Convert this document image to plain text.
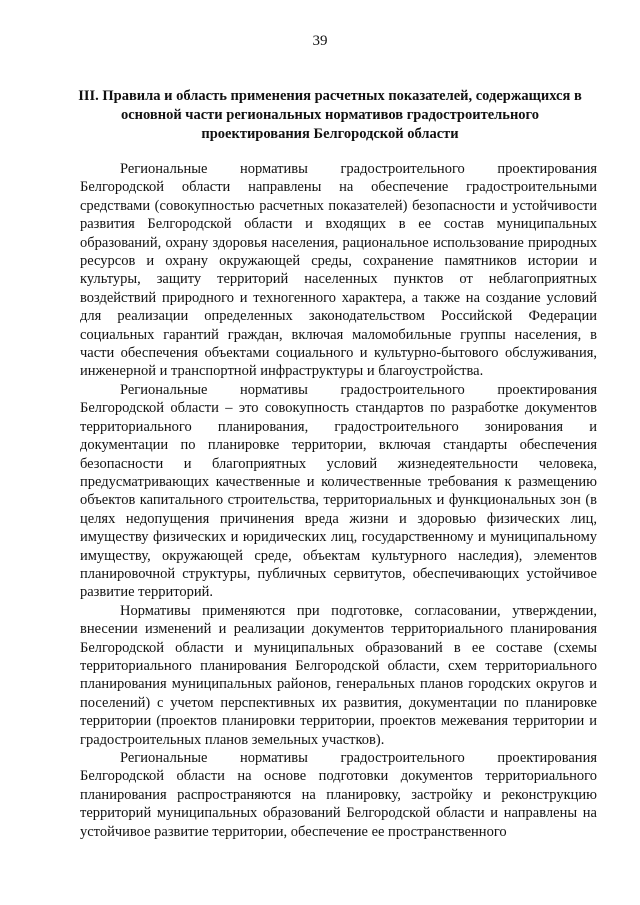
39
III. Правила и область применения расчетных показателей, содержащихся в основной части региональных нормативов градостроительного проектирования Белгородской области

Региональные нормативы градостроительного проектирования Белгородской области направлены на обеспечение градостроительными средствами (совокупностью расчетных показателей) безопасности и устойчивости развития Белгородской области и входящих в ее состав муниципальных образований, охрану здоровья населения, рациональное использование природных ресурсов и охрану окружающей среды, сохранение памятников истории и культуры, защиту территорий населенных пунктов от неблагоприятных воздействий природного и техногенного характера, а также на создание условий для реализации определенных законодательством Российской Федерации социальных гарантий граждан, включая маломобильные группы населения, в части обеспечения объектами социального и культурно-бытового обслуживания, инженерной и транспортной инфраструктуры и благоустройства.

Региональные нормативы градостроительного проектирования Белгородской области – это совокупность стандартов по разработке документов территориального планирования, градостроительного зонирования и документации по планировке территории, включая стандарты обеспечения безопасности и благоприятных условий жизнедеятельности человека, предусматривающих качественные и количественные требования к размещению объектов капитального строительства, территориальных и функциональных зон (в целях недопущения причинения вреда жизни и здоровью физических лиц, имуществу физических и юридических лиц, государственному и муниципальному имуществу, окружающей среде, объектам культурного наследия), элементов планировочной структуры, публичных сервитутов, обеспечивающих устойчивое развитие территорий.

Нормативы применяются при подготовке, согласовании, утверждении, внесении изменений и реализации документов территориального планирования Белгородской области и муниципальных образований в ее составе (схемы территориального планирования Белгородской области, схем территориального планирования муниципальных районов, генеральных планов городских округов и поселений) с учетом перспективных их развития, документации по планировке территории (проектов планировки территории, проектов межевания территории и градостроительных планов земельных участков).

Региональные нормативы градостроительного проектирования Белгородской области на основе подготовки документов территориального планирования распространяются на планировку, застройку и реконструкцию территорий муниципальных образований Белгородской области и направлены на устойчивое развитие территории, обеспечение ее пространственного
